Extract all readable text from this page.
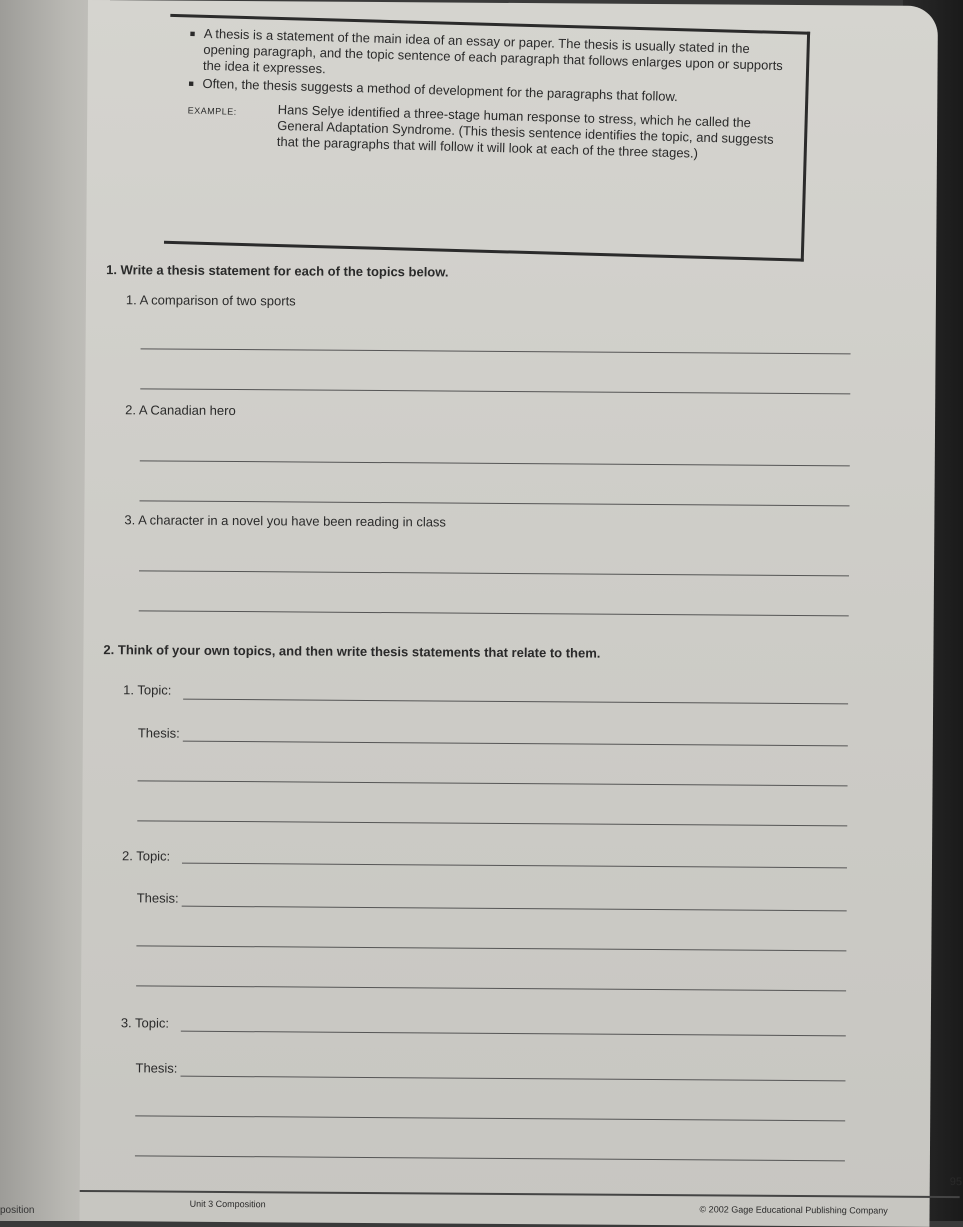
position

■ A thesis is a statement of the main idea of an essay or paper. The thesis is usually stated in the opening paragraph, and the topic sentence of each paragraph that follows enlarges upon or supports the idea it expresses.

■ Often, the thesis suggests a method of development for the paragraphs that follow.

EXAMPLE:	Hans Selye identified a three-stage human response to stress, which he called the General Adaptation Syndrome. (This thesis sentence identifies the topic, and suggests that the paragraphs that will follow it will look at each of the three stages.)
1. Write a thesis statement for each of the topics below.
1. A comparison of two sports
2. A Canadian hero
3. A character in a novel you have been reading in class
2. Think of your own topics, and then write thesis statements that relate to them.
1. Topic:
Thesis:
2. Topic:
Thesis:
3. Topic:
Thesis:
95
Unit 3 Composition
© 2002 Gage Educational Publishing Company
